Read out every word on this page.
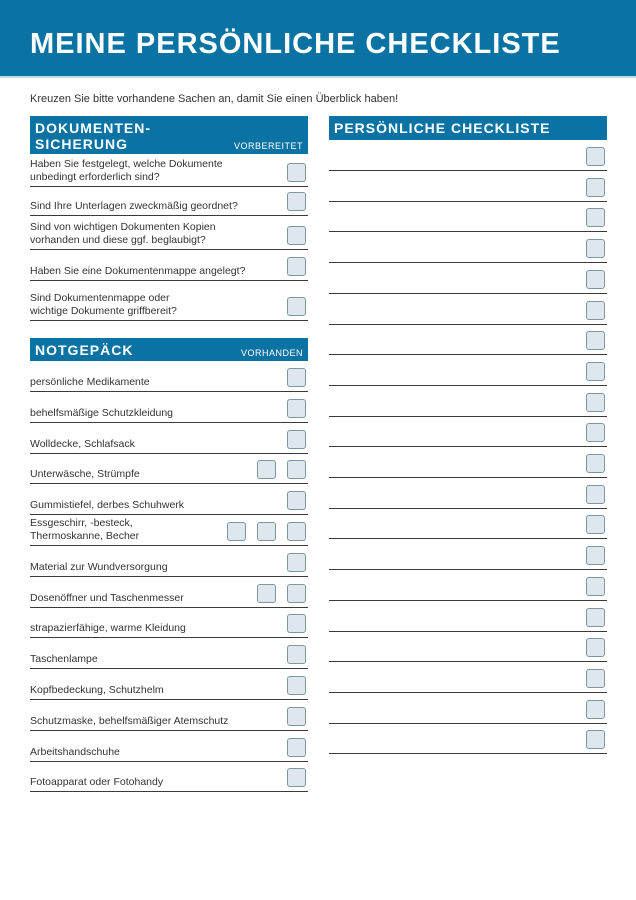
MEINE PERSÖNLICHE CHECKLISTE
Kreuzen Sie bitte vorhandene Sachen an, damit Sie einen Überblick haben!
DOKUMENTEN-
SICHERUNG	VORBEREITET
Haben Sie festgelegt, welche Dokumente
unbedingt erforderlich sind?
Sind Ihre Unterlagen zweckmäßig geordnet?
Sind von wichtigen Dokumenten Kopien
vorhanden und diese ggf. beglaubigt?
Haben Sie eine Dokumentenmappe angelegt?
Sind Dokumentenmappe oder
wichtige Dokumente griffbereit?
NOTGEPÄCK	VORHANDEN
persönliche Medikamente
behelfsmäßige Schutzkleidung
Wolldecke, Schlafsack
Unterwäsche, Strümpfe
Gummistiefel, derbes Schuhwerk
Essgeschirr, -besteck,
Thermoskanne, Becher
Material zur Wundversorgung
Dosenöffner und Taschenmesser
strapazierfähige, warme Kleidung
Taschenlampe
Kopfbedeckung, Schutzhelm
Schutzmaske, behelfsmäßiger Atemschutz
Arbeitshandschuhe
Fotoapparat oder Fotohandy
PERSÖNLICHE CHECKLISTE
